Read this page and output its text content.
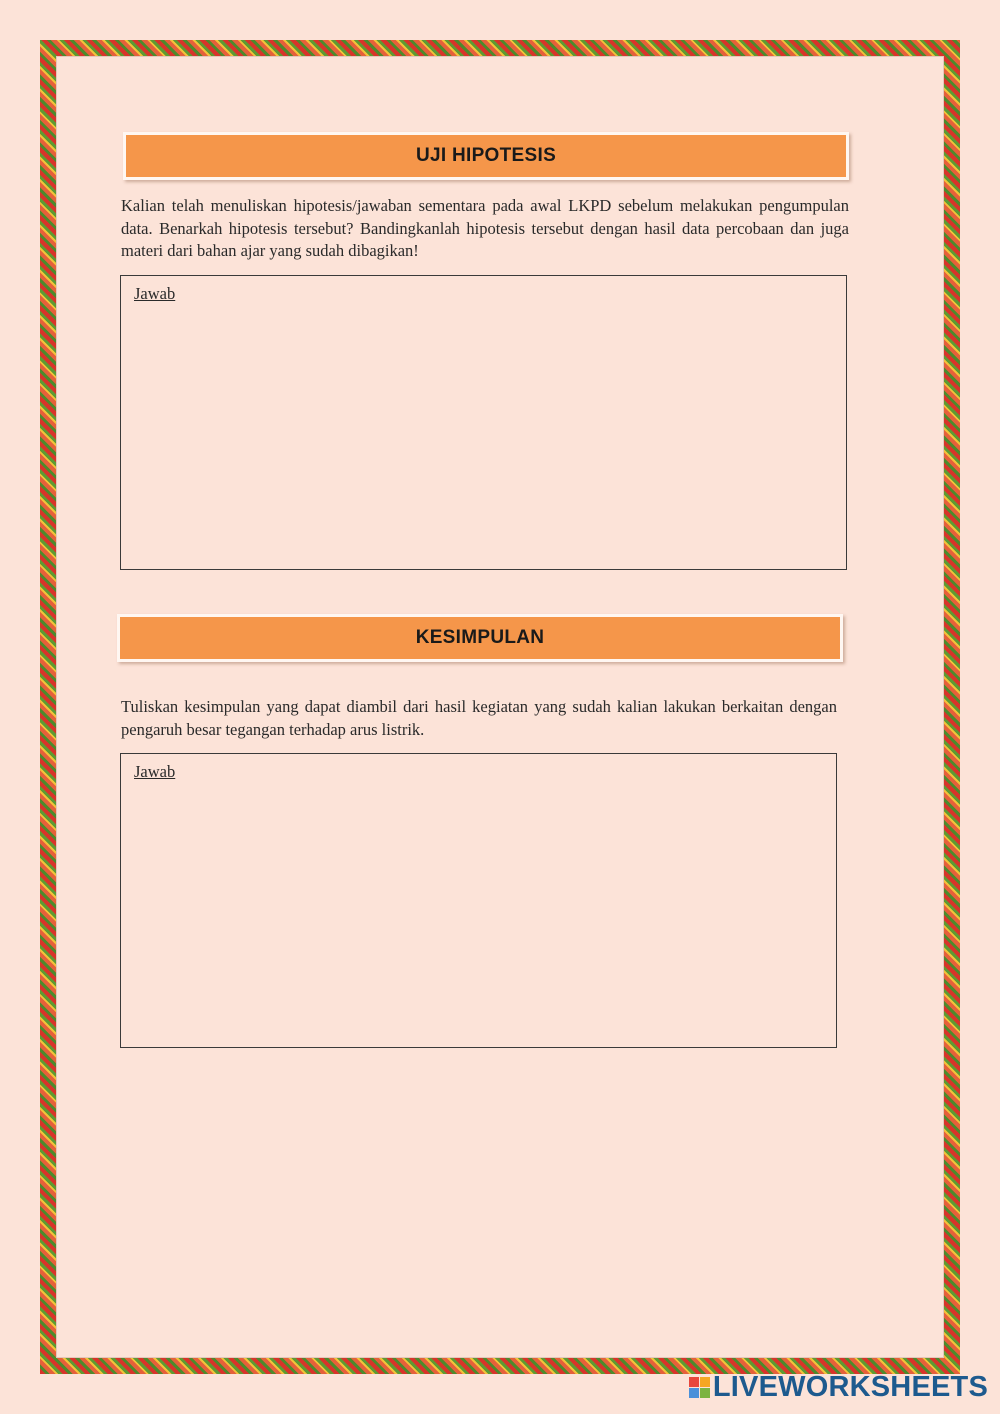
UJI HIPOTESIS

Kalian telah menuliskan hipotesis/jawaban sementara pada awal LKPD sebelum melakukan pengumpulan data. Benarkah hipotesis tersebut? Bandingkanlah hipotesis tersebut dengan hasil data percobaan dan juga materi dari bahan ajar yang sudah dibagikan!

Jawab
KESIMPULAN

Tuliskan kesimpulan yang dapat diambil dari hasil kegiatan yang sudah kalian lakukan berkaitan dengan pengaruh besar tegangan terhadap arus listrik.

Jawab
LIVEWORKSHEETS
